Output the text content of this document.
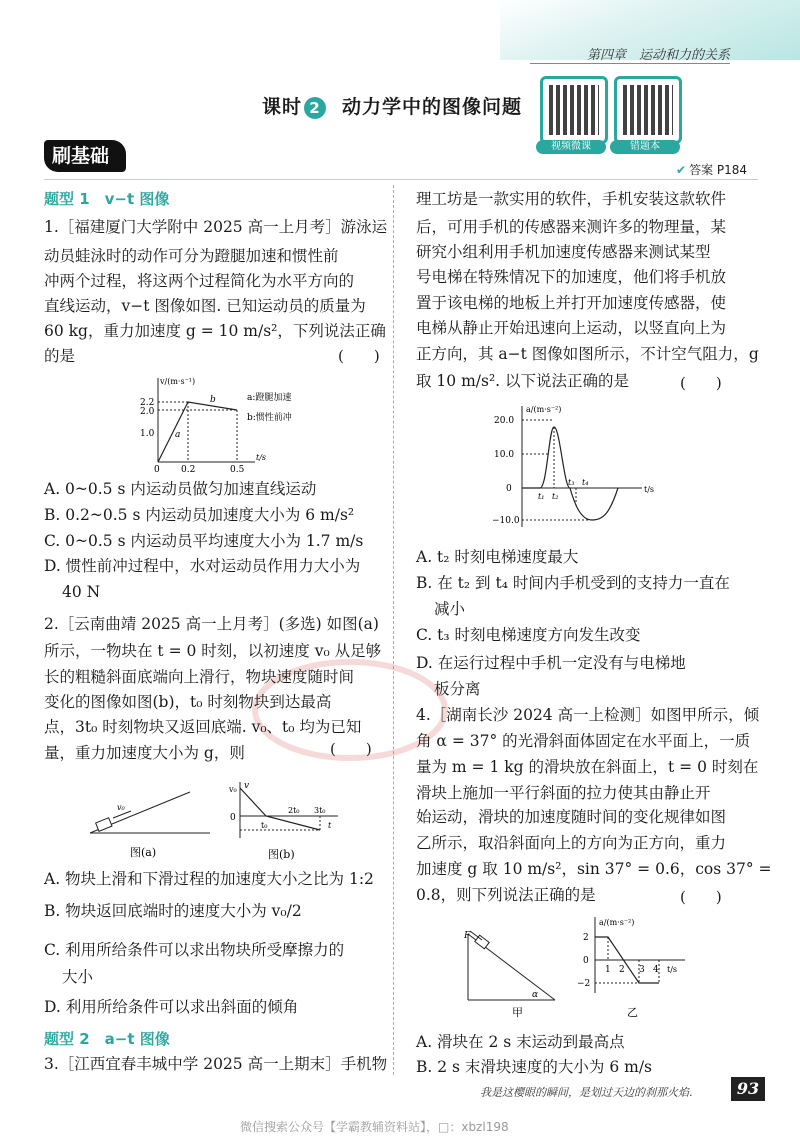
第四章　运动和力的关系
课时 2 动力学中的图像问题
视频微课	错题本
刷基础
✔ 答案 P184
(　　)
(　　)
(　　)
(　　)
v/(m·s⁻¹)
t/s
2.2
2.0
1.0
0 0.2	0.5
a
b	a:蹬腿加速
b:惯性前冲
v₀
图(a)
v
v₀
0
t₀
2t₀ 3t₀
t
图(b)
a/(m·s⁻²)
t/s
20.0
10.0
0
−10.0
t₁ t₂
t₃ t₄
F
α
甲
a/(m·s⁻²)
t/s
2
0
−2
1 2 3 4
乙
我是这樱眼的瞬间，是划过天边的刹那火焰.	93
微信搜索公众号【学霸教辅资料站】，□：xbzl198
题型 1　v−t 图像
1.［福建厦门大学附中 2025 高一上月考］游泳运
动员蛙泳时的动作可分为蹬腿加速和惯性前
冲两个过程，将这两个过程简化为水平方向的
直线运动，v−t 图像如图. 已知运动员的质量为
60 kg，重力加速度 g = 10 m/s²，下列说法正确
的是
A. 0~0.5 s 内运动员做匀加速直线运动
B. 0.2~0.5 s 内运动员加速度大小为 6 m/s²
C. 0~0.5 s 内运动员平均速度大小为 1.7 m/s
D. 惯性前冲过程中，水对运动员作用力大小为
40 N
2.［云南曲靖 2025 高一上月考］(多选) 如图(a)
所示，一物块在 t = 0 时刻，以初速度 v₀ 从足够
长的粗糙斜面底端向上滑行，物块速度随时间
变化的图像如图(b)，t₀ 时刻物块到达最高
点，3t₀ 时刻物块又返回底端. v₀、t₀ 均为已知
量，重力加速度大小为 g，则
A. 物块上滑和下滑过程的加速度大小之比为 1:2
B. 物块返回底端时的速度大小为 v₀/2
C. 利用所给条件可以求出物块所受摩擦力的
大小
D. 利用所给条件可以求出斜面的倾角
题型 2　a−t 图像
3.［江西宜春丰城中学 2025 高一上期末］手机物
理工坊是一款实用的软件，手机安装这款软件
后，可用手机的传感器来测许多的物理量，某
研究小组利用手机加速度传感器来测试某型
号电梯在特殊情况下的加速度，他们将手机放
置于该电梯的地板上并打开加速度传感器，使
电梯从静止开始迅速向上运动，以竖直向上为
正方向，其 a−t 图像如图所示，不计空气阻力，g
取 10 m/s². 以下说法正确的是
A. t₂ 时刻电梯速度最大
B. 在 t₂ 到 t₄ 时间内手机受到的支持力一直在
减小
C. t₃ 时刻电梯速度方向发生改变
D. 在运行过程中手机一定没有与电梯地
板分离
4.［湖南长沙 2024 高一上检测］如图甲所示，倾
角 α = 37° 的光滑斜面体固定在水平面上，一质
量为 m = 1 kg 的滑块放在斜面上，t = 0 时刻在
滑块上施加一平行斜面的拉力使其由静止开
始运动，滑块的加速度随时间的变化规律如图
乙所示，取沿斜面向上的方向为正方向，重力
加速度 g 取 10 m/s²，sin 37° = 0.6，cos 37° =
0.8，则下列说法正确的是
A. 滑块在 2 s 末运动到最高点
B. 2 s 末滑块速度的大小为 6 m/s
